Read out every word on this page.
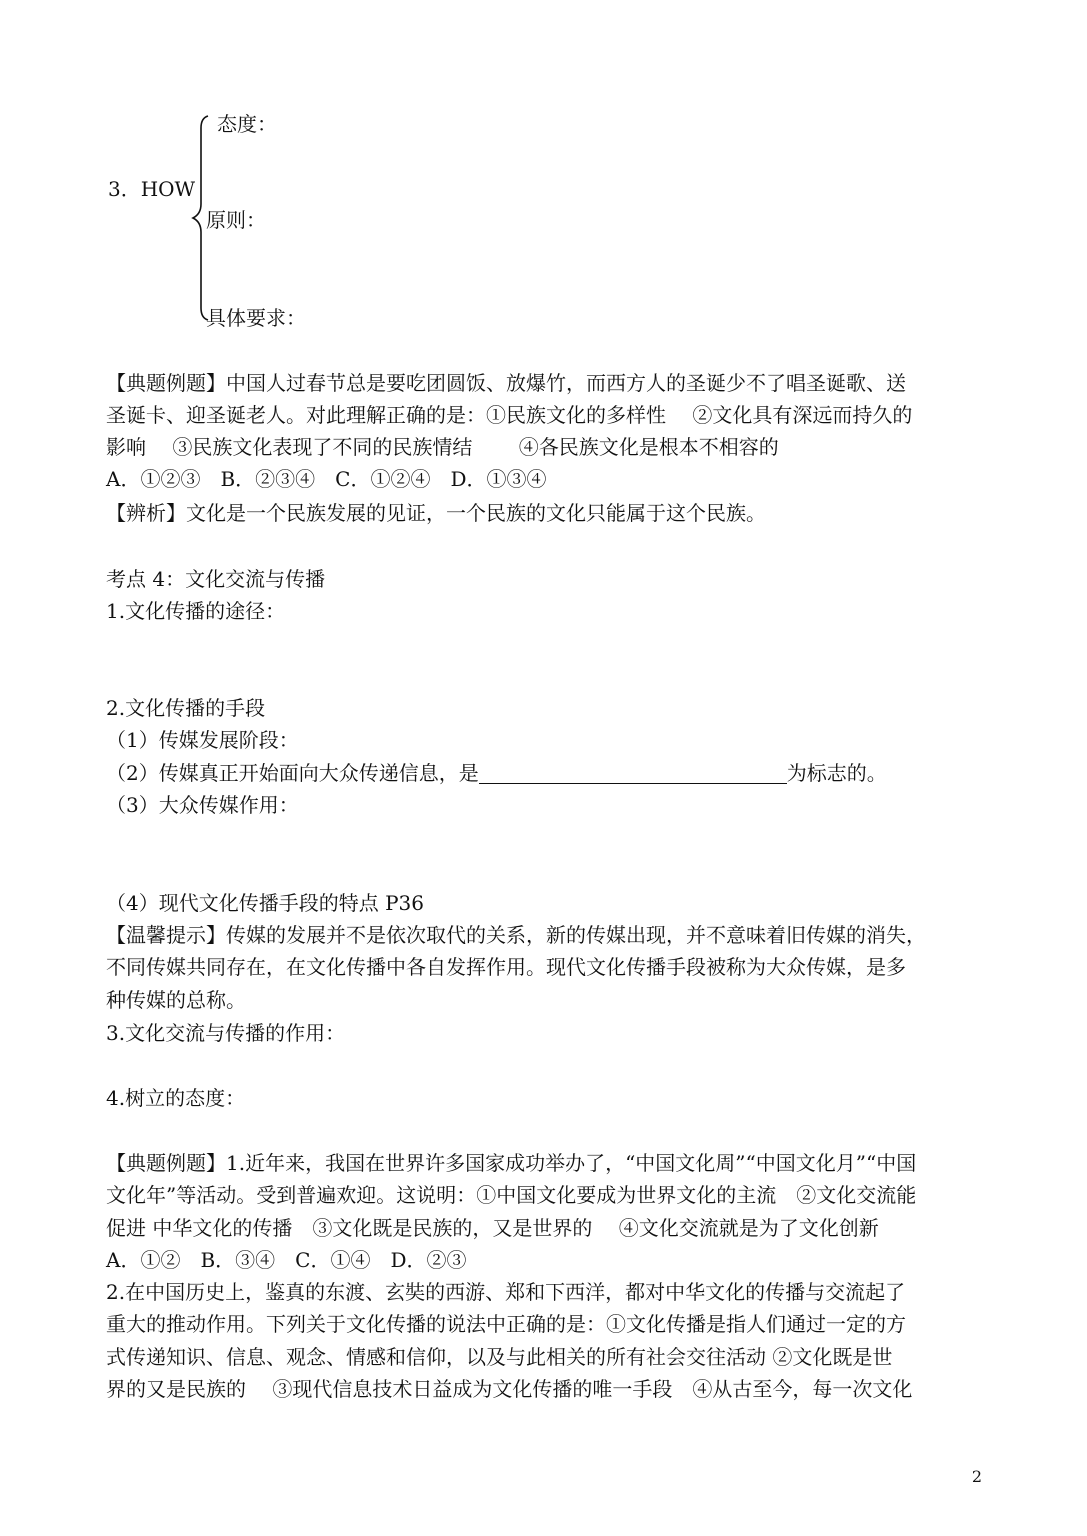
3．HOW
态度：
原则：
具体要求：
【典题例题】中国人过春节总是要吃团圆饭、放爆竹，而西方人的圣诞少不了唱圣诞歌、送
圣诞卡、迎圣诞老人。对此理解正确的是：①民族文化的多样性　 ②文化具有深远而持久的
影响　 ③民族文化表现了不同的民族情结　　 ④各民族文化是根本不相容的
A．①②③　B．②③④　C．①②④　D．①③④
【辨析】文化是一个民族发展的见证，一个民族的文化只能属于这个民族。
考点 4：文化交流与传播
1.文化传播的途径：
2.文化传播的手段
（1）传媒发展阶段：
（2）传媒真正开始面向大众传递信息，是	为标志的。
（3）大众传媒作用：
（4）现代文化传播手段的特点 P36
【温馨提示】传媒的发展并不是依次取代的关系，新的传媒出现，并不意味着旧传媒的消失，
不同传媒共同存在，在文化传播中各自发挥作用。现代文化传播手段被称为大众传媒，是多
种传媒的总称。
3.文化交流与传播的作用：
4.树立的态度：
【典题例题】1.近年来，我国在世界许多国家成功举办了，“中国文化周”“中国文化月”“中国
文化年”等活动。受到普遍欢迎。这说明：①中国文化要成为世界文化的主流　②文化交流能
促进 中华文化的传播　③文化既是民族的，又是世界的　 ④文化交流就是为了文化创新
A．①②　B．③④　C．①④　D．②③
2.在中国历史上，鉴真的东渡、玄奘的西游、郑和下西洋，都对中华文化的传播与交流起了
重大的推动作用。下列关于文化传播的说法中正确的是：①文化传播是指人们通过一定的方
式传递知识、信息、观念、情感和信仰，以及与此相关的所有社会交往活动 ②文化既是世
界的又是民族的　 ③现代信息技术日益成为文化传播的唯一手段　④从古至今，每一次文化
2
